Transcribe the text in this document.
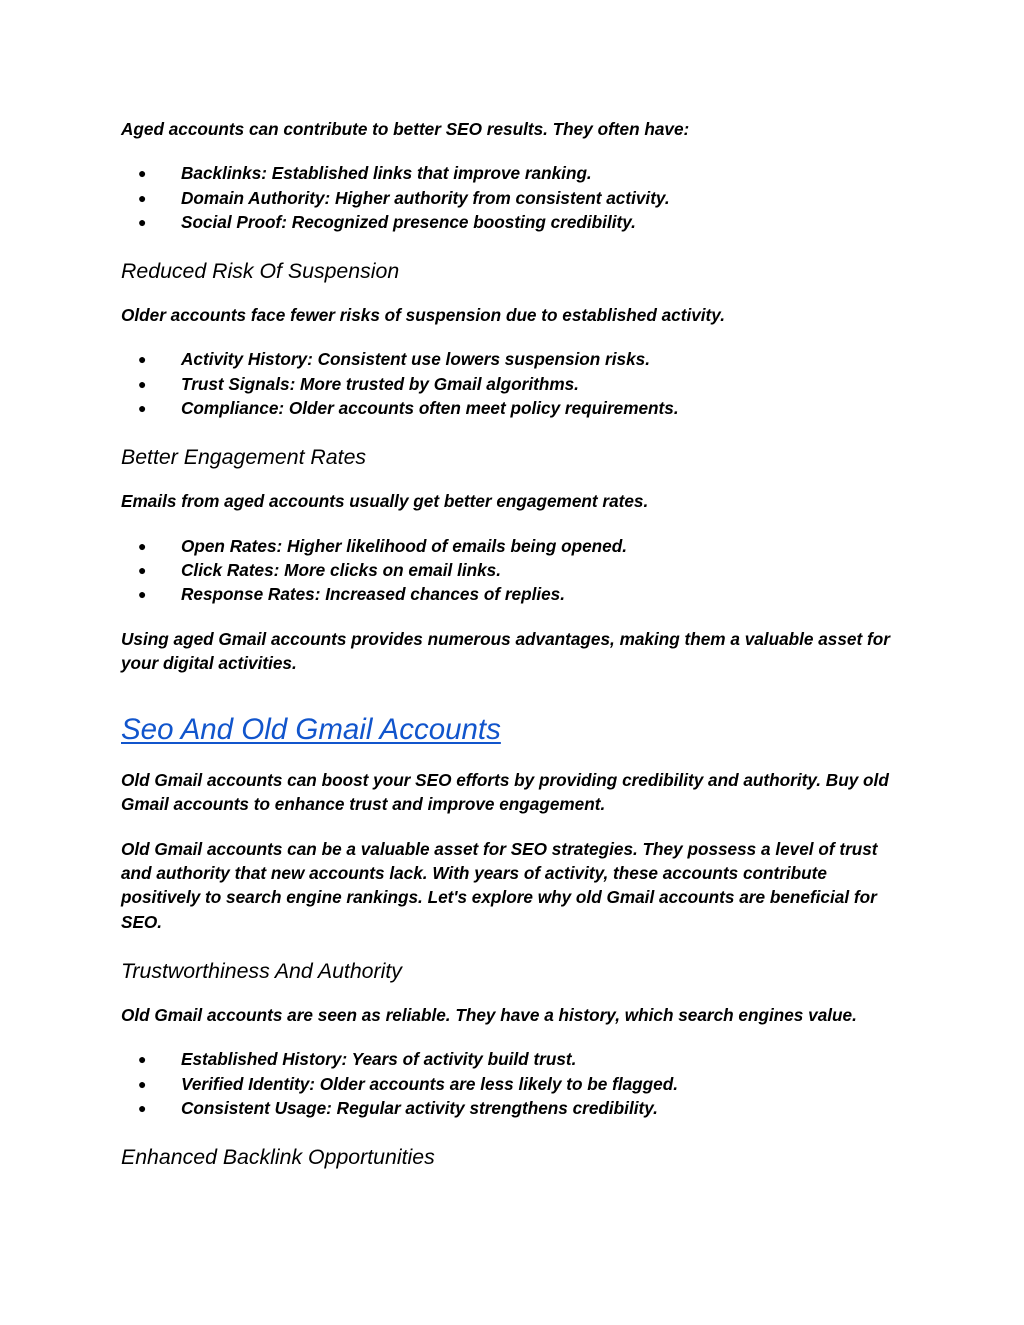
Aged accounts can contribute to better SEO results. They often have:

● Backlinks: Established links that improve ranking.
● Domain Authority: Higher authority from consistent activity.
● Social Proof: Recognized presence boosting credibility.
Reduced Risk Of Suspension

Older accounts face fewer risks of suspension due to established activity.

● Activity History: Consistent use lowers suspension risks.
● Trust Signals: More trusted by Gmail algorithms.
● Compliance: Older accounts often meet policy requirements.
Better Engagement Rates

Emails from aged accounts usually get better engagement rates.

● Open Rates: Higher likelihood of emails being opened.
● Click Rates: More clicks on email links.
● Response Rates: Increased chances of replies.

Using aged Gmail accounts provides numerous advantages, making them a valuable asset for your digital activities.

Seo And Old Gmail Accounts

Old Gmail accounts can boost your SEO efforts by providing credibility and authority. Buy old Gmail accounts to enhance trust and improve engagement.

Old Gmail accounts can be a valuable asset for SEO strategies. They possess a level of trust and authority that new accounts lack. With years of activity, these accounts contribute positively to search engine rankings. Let's explore why old Gmail accounts are beneficial for SEO.

Trustworthiness And Authority

Old Gmail accounts are seen as reliable. They have a history, which search engines value.

● Established History: Years of activity build trust.
● Verified Identity: Older accounts are less likely to be flagged.
● Consistent Usage: Regular activity strengthens credibility.
Enhanced Backlink Opportunities
